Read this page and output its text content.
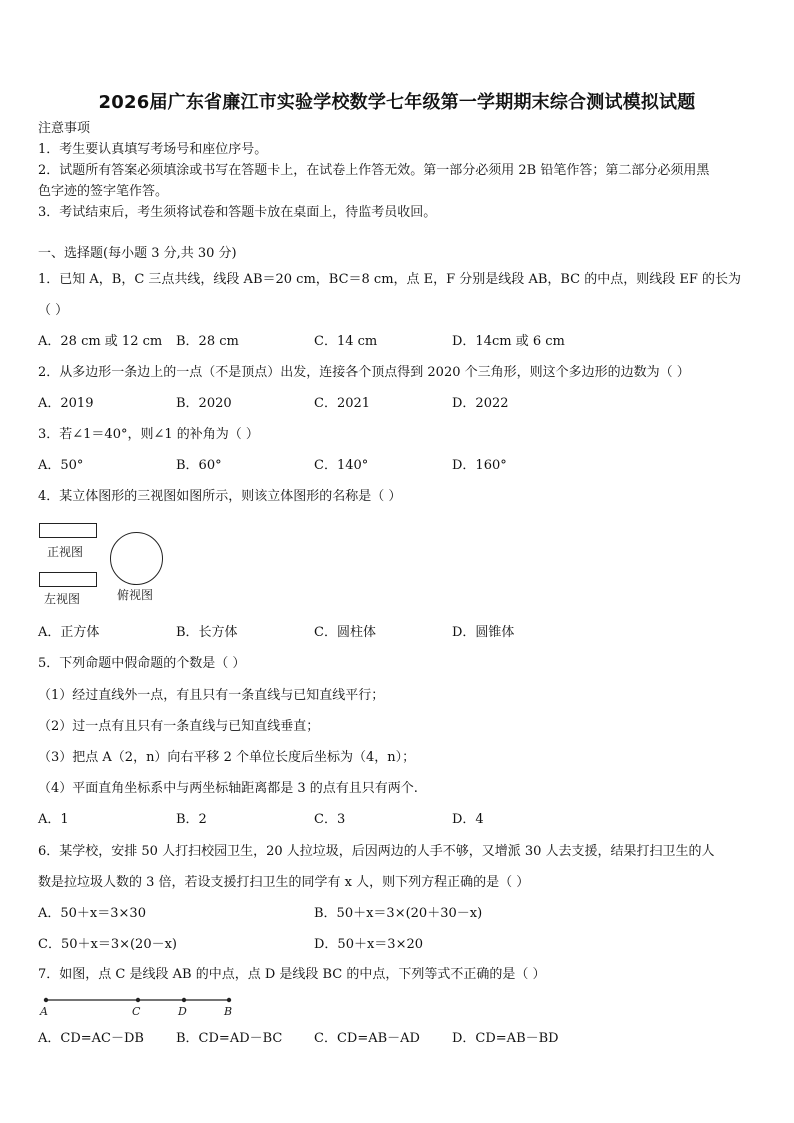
2026届广东省廉江市实验学校数学七年级第一学期期末综合测试模拟试题
注意事项
1．考生要认真填写考场号和座位序号。
2．试题所有答案必须填涂或书写在答题卡上，在试卷上作答无效。第一部分必须用 2B 铅笔作答；第二部分必须用黑
色字迹的签字笔作答。
3．考试结束后，考生须将试卷和答题卡放在桌面上，待监考员收回。
一、选择题(每小题 3 分,共 30 分)
1．已知 A，B，C 三点共线，线段 AB＝20 cm，BC＝8 cm，点 E，F 分别是线段 AB，BC 的中点，则线段 EF 的长为
（ ）
A．28 cm 或 12 cm B．28 cm	C．14 cm	D．14cm 或 6 cm
2．从多边形一条边上的一点（不是顶点）出发，连接各个顶点得到 2020 个三角形，则这个多边形的边数为（ ）
A．2019	B．2020	C．2021	D．2022
3．若∠1＝40°，则∠1 的补角为（ ）
A．50°	B．60°	C．140°	D．160°
4．某立体图形的三视图如图所示，则该立体图形的名称是（ ）
正视图
左视图	俯视图
A．正方体	B．长方体	C．圆柱体	D．圆锥体
5．下列命题中假命题的个数是（ ）
（1）经过直线外一点，有且只有一条直线与已知直线平行；
（2）过一点有且只有一条直线与已知直线垂直；
（3）把点 A（2，n）向右平移 2 个单位长度后坐标为（4，n）；
（4）平面直角坐标系中与两坐标轴距离都是 3 的点有且只有两个.
A．1	B．2	C．3	D．4
6．某学校，安排 50 人打扫校园卫生，20 人拉垃圾，后因两边的人手不够，又增派 30 人去支援，结果打扫卫生的人
数是拉垃圾人数的 3 倍，若设支援打扫卫生的同学有 x 人，则下列方程正确的是（ ）
A．50＋x＝3×30	B．50＋x＝3×(20＋30－x)
C．50＋x＝3×(20－x)	D．50＋x＝3×20
7．如图，点 C 是线段 AB 的中点，点 D 是线段 BC 的中点，下列等式不正确的是（ ）
A	C	D	B
A．CD=AC－DB B．CD=AD－BC C．CD=AB－AD D．CD=AB－BD
